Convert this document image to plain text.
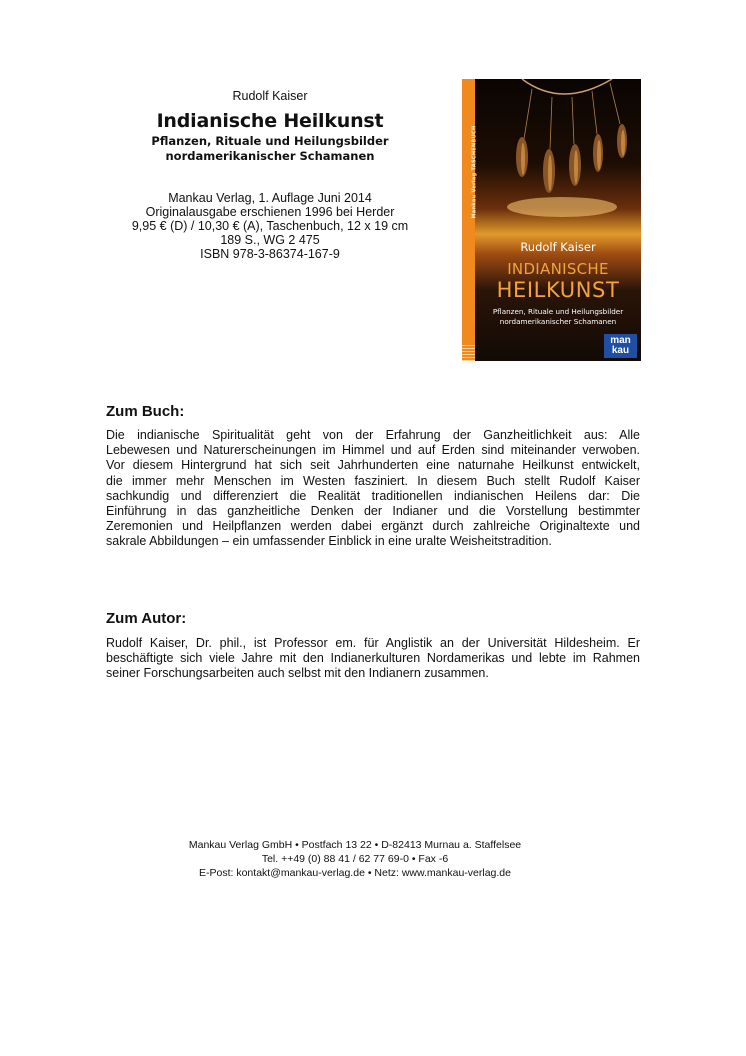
Rudolf Kaiser
Indianische Heilkunst
Pflanzen, Rituale und Heilungsbilder
nordamerikanischer Schamanen
Mankau Verlag, 1. Auflage Juni 2014
Originalausgabe erschienen 1996 bei Herder
9,95 € (D) / 10,30 € (A), Taschenbuch, 12 x 19 cm
189 S., WG 2 475
ISBN 978-3-86374-167-9
Mankau Verlag TASCHENBUCH
Rudolf Kaiser
INDIANISCHE
HEILKUNST
Pflanzen, Rituale und Heilungsbilder
nordamerikanischer Schamanen
man
kau
Zum Buch:
Die indianische Spiritualität geht von der Erfahrung der Ganzheitlichkeit aus: Alle
Lebewesen und Naturerscheinungen im Himmel und auf Erden sind miteinander verwoben.
Vor diesem Hintergrund hat sich seit Jahrhunderten eine naturnahe Heilkunst entwickelt,
die immer mehr Menschen im Westen fasziniert. In diesem Buch stellt Rudolf Kaiser
sachkundig und differenziert die Realität traditionellen indianischen Heilens dar: Die
Einführung in das ganzheitliche Denken der Indianer und die Vorstellung bestimmter
Zeremonien und Heilpflanzen werden dabei ergänzt durch zahlreiche Originaltexte und
sakrale Abbildungen – ein umfassender Einblick in eine uralte Weisheitstradition.
Zum Autor:
Rudolf Kaiser, Dr. phil., ist Professor em. für Anglistik an der Universität Hildesheim. Er
beschäftigte sich viele Jahre mit den Indianerkulturen Nordamerikas und lebte im Rahmen
seiner Forschungsarbeiten auch selbst mit den Indianern zusammen.
Mankau Verlag GmbH • Postfach 13 22 • D-82413 Murnau a. Staffelsee
Tel. ++49 (0) 88 41 / 62 77 69-0 • Fax -6
E-Post: kontakt@mankau-verlag.de • Netz: www.mankau-verlag.de
